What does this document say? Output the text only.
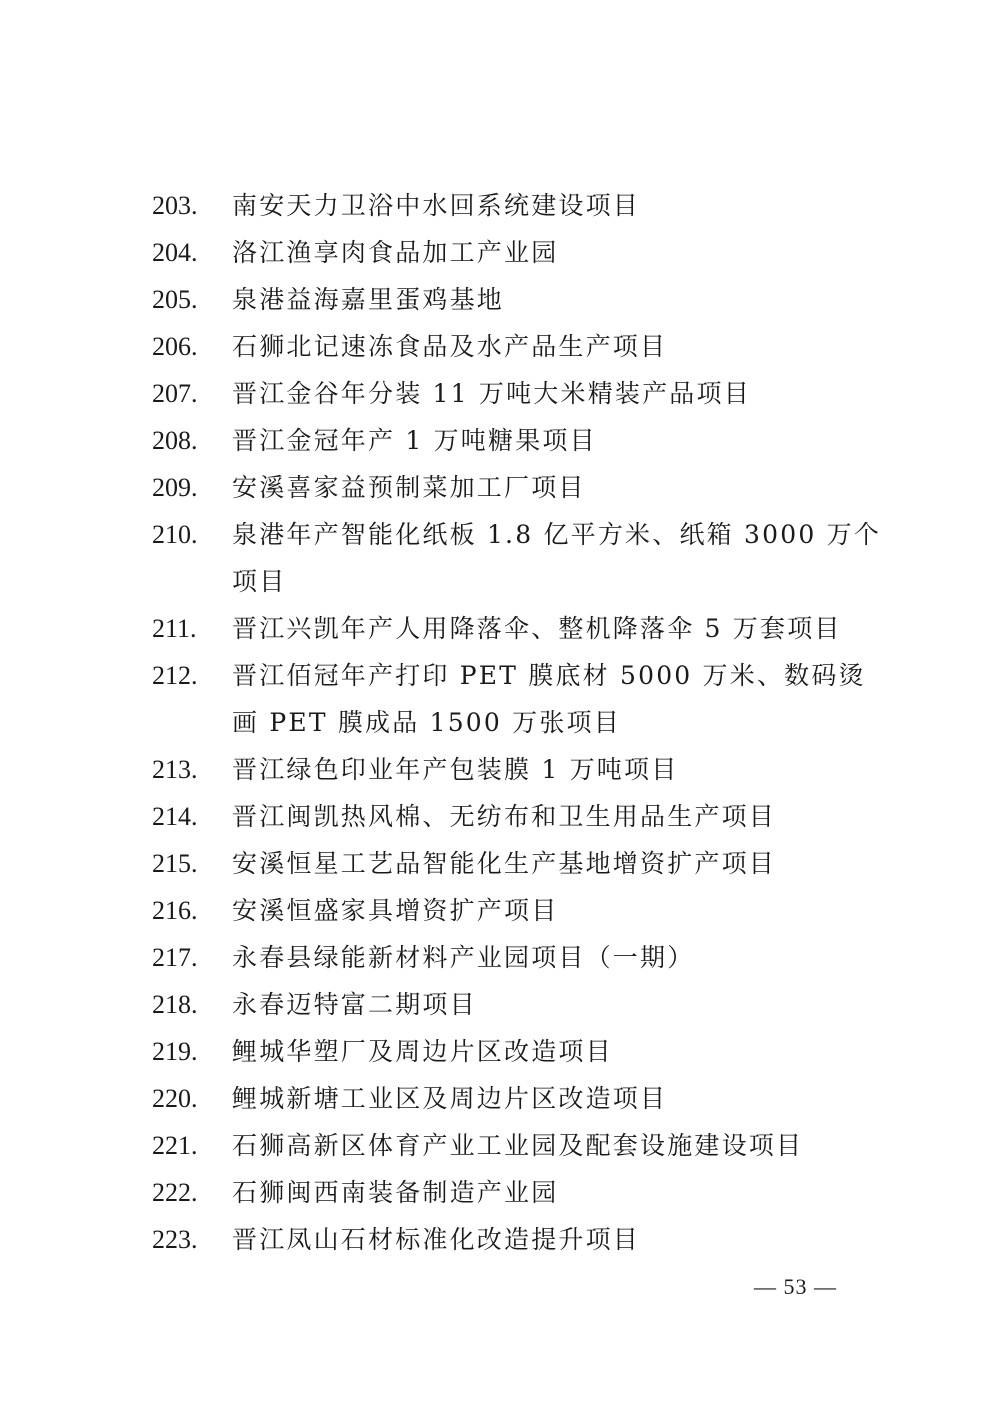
203. 南安天力卫浴中水回系统建设项目
204. 洛江渔享肉食品加工产业园
205. 泉港益海嘉里蛋鸡基地
206. 石狮北记速冻食品及水产品生产项目
207. 晋江金谷年分装 11 万吨大米精装产品项目
208. 晋江金冠年产 1 万吨糖果项目
209. 安溪喜家益预制菜加工厂项目
210. 泉港年产智能化纸板 1.8 亿平方米、纸箱 3000 万个项目
211. 晋江兴凯年产人用降落伞、整机降落伞 5 万套项目
212. 晋江佰冠年产打印 PET 膜底材 5000 万米、数码烫画 PET 膜成品 1500 万张项目
213. 晋江绿色印业年产包装膜 1 万吨项目
214. 晋江闽凯热风棉、无纺布和卫生用品生产项目
215. 安溪恒星工艺品智能化生产基地增资扩产项目
216. 安溪恒盛家具增资扩产项目
217. 永春县绿能新材料产业园项目（一期）
218. 永春迈特富二期项目
219. 鲤城华塑厂及周边片区改造项目
220. 鲤城新塘工业区及周边片区改造项目
221. 石狮高新区体育产业工业园及配套设施建设项目
222. 石狮闽西南装备制造产业园
223. 晋江凤山石材标准化改造提升项目
— 53 —
